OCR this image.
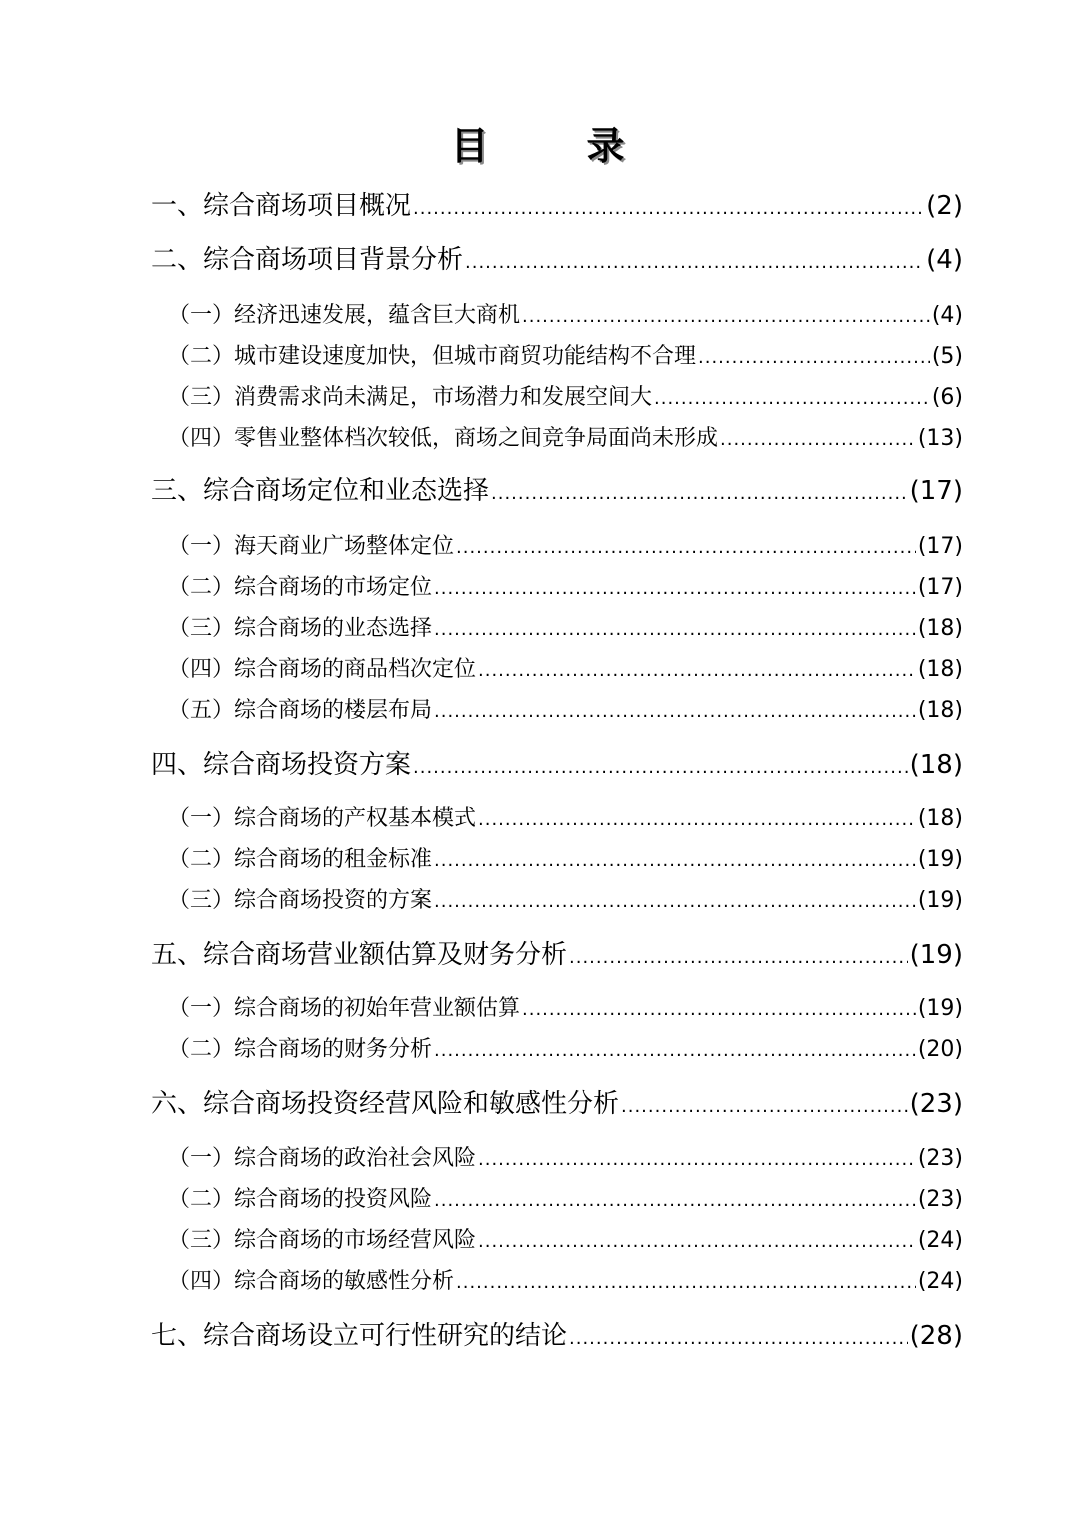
目　录
一、综合商场项目概况 .....	(2)
二、综合商场项目背景分析 .....	(4)
（一）经济迅速发展，蕴含巨大商机 .....	(4)
（二）城市建设速度加快，但城市商贸功能结构不合理 .....	(5)
（三）消费需求尚未满足，市场潜力和发展空间大 .....	(6)
（四）零售业整体档次较低，商场之间竞争局面尚未形成 .....	(13)
三、综合商场定位和业态选择 .....	(17)
（一）海天商业广场整体定位 .....	(17)
（二）综合商场的市场定位 .....	(17)
（三）综合商场的业态选择 .....	(18)
（四）综合商场的商品档次定位 .....	(18)
（五）综合商场的楼层布局 .....	(18)
四、综合商场投资方案 .....	(18)
（一）综合商场的产权基本模式 .....	(18)
（二）综合商场的租金标准 .....	(19)
（三）综合商场投资的方案 .....	(19)
五、综合商场营业额估算及财务分析 .....	(19)
（一）综合商场的初始年营业额估算 .....	(19)
（二）综合商场的财务分析 .....	(20)
六、综合商场投资经营风险和敏感性分析 .....	(23)
（一）综合商场的政治社会风险 .....	(23)
（二）综合商场的投资风险 .....	(23)
（三）综合商场的市场经营风险 .....	(24)
（四）综合商场的敏感性分析 .....	(24)
七、综合商场设立可行性研究的结论 .....	(28)
